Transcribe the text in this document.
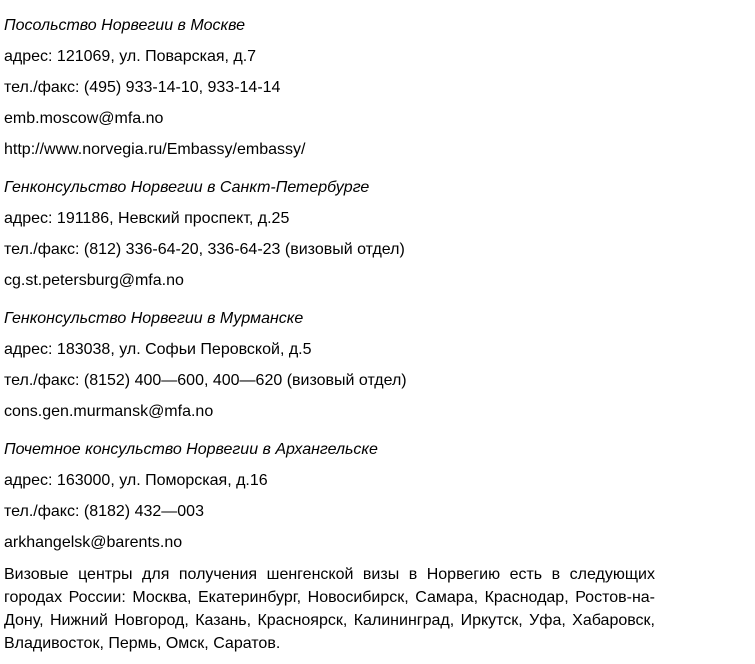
Посольство Норвегии в Москве
адрес: 121069, ул. Поварская, д.7
тел./факс: (495) 933-14-10, 933-14-14
emb.moscow@mfa.no
http://www.norvegia.ru/Embassy/embassy/
Генконсульство Норвегии в Санкт-Петербурге
адрес: 191186, Невский проспект, д.25
тел./факс: (812) 336-64-20, 336-64-23 (визовый отдел)
cg.st.petersburg@mfa.no
Генконсульство Норвегии в Мурманске
адрес: 183038, ул. Софьи Перовской, д.5
тел./факс: (8152) 400—600, 400—620 (визовый отдел)
cons.gen.murmansk@mfa.no
Почетное консульство Норвегии в Архангельске
адрес: 163000, ул. Поморская, д.16
тел./факс: (8182) 432—003
arkhangelsk@barents.no
Визовые центры для получения шенгенской визы в Норвегию есть в следующих городах России: Москва, Екатеринбург, Новосибирск, Самара, Краснодар, Ростов-на-Дону, Нижний Новгород, Казань, Красноярск, Калининград, Иркутск, Уфа, Хабаровск, Владивосток, Пермь, Омск, Саратов.
